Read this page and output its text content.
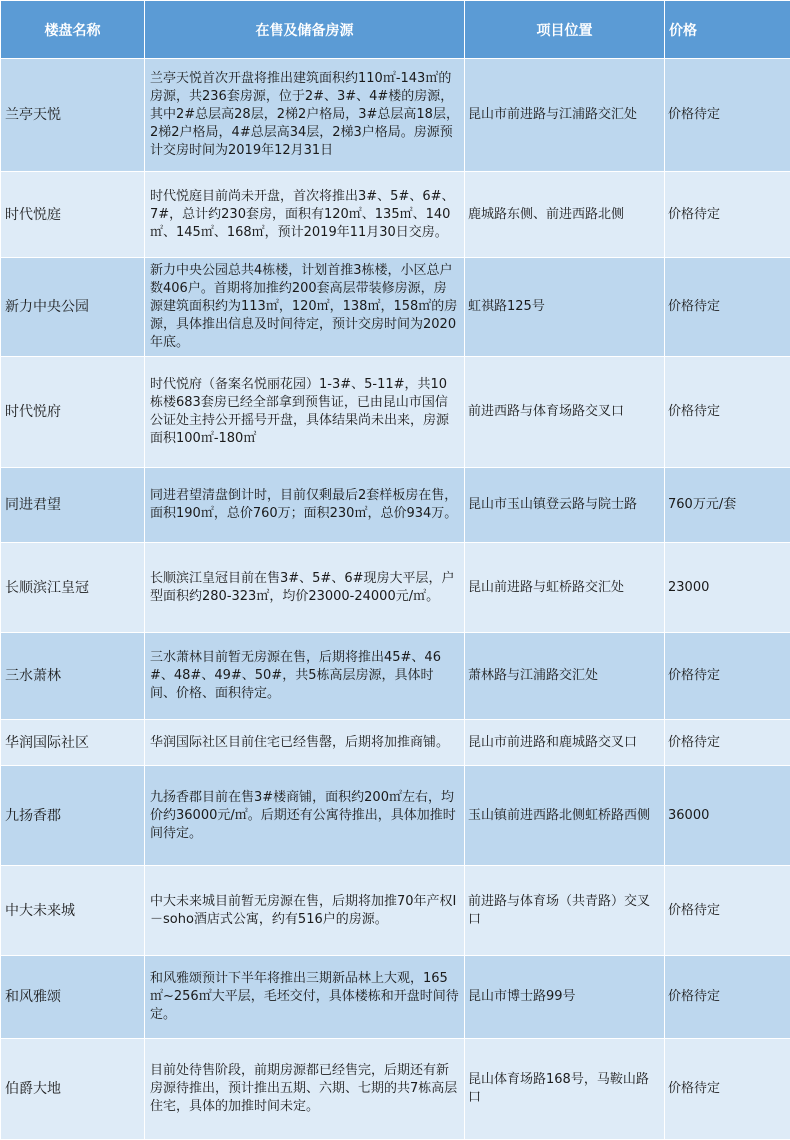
楼盘名称	在售及储备房源	项目位置	价格
兰亭天悦	兰亭天悦首次开盘将推出建筑面积约110㎡-143㎡的房源，共236套房源，位于2#、3#、4#楼的房源，其中2#总层高28层，2梯2户格局，3#总层高18层，2梯2户格局，4#总层高34层，2梯3户格局。房源预计交房时间为2019年12月31日	昆山市前进路与江浦路交汇处	价格待定
时代悦庭	时代悦庭目前尚未开盘，首次将推出3#、5#、6#、7#，总计约230套房，面积有120㎡、135㎡、140㎡、145㎡、168㎡，预计2019年11月30日交房。	鹿城路东侧、前进西路北侧	价格待定
新力中央公园	新力中央公园总共4栋楼，计划首推3栋楼，小区总户数406户。首期将加推约200套高层带装修房源，房源建筑面积约为113㎡，120㎡，138㎡，158㎡的房源，具体推出信息及时间待定，预计交房时间为2020年底。	虹祺路125号	价格待定
时代悦府	时代悦府（备案名悦丽花园）1-3#、5-11#，共10栋楼683套房已经全部拿到预售证，已由昆山市国信公证处主持公开摇号开盘，具体结果尚未出来，房源面积100㎡-180㎡	前进西路与体育场路交叉口	价格待定
同进君望	同进君望清盘倒计时，目前仅剩最后2套样板房在售，面积190㎡，总价760万；面积230㎡，总价934万。	昆山市玉山镇登云路与院士路	760万元/套
长顺滨江皇冠	长顺滨江皇冠目前在售3#、5#、6#现房大平层，户型面积约280-323㎡，均价23000-24000元/㎡。	昆山前进路与虹桥路交汇处	23000
三水萧林	三水萧林目前暂无房源在售，后期将推出45#、46#、48#、49#、50#，共5栋高层房源，具体时间、价格、面积待定。	萧林路与江浦路交汇处	价格待定
华润国际社区	华润国际社区目前住宅已经售罄，后期将加推商铺。	昆山市前进路和鹿城路交叉口	价格待定
九扬香郡	九扬香郡目前在售3#楼商铺，面积约200㎡左右，均价约36000元/㎡。后期还有公寓待推出，具体加推时间待定。	玉山镇前进西路北侧虹桥路西侧	36000
中大未来城	中大未来城目前暂无房源在售，后期将加推70年产权I－soho酒店式公寓，约有516户的房源。	前进路与体育场（共青路）交叉口	价格待定
和风雅颂	和风雅颂预计下半年将推出三期新品林上大观，165㎡~256㎡大平层，毛坯交付，具体楼栋和开盘时间待定。	昆山市博士路99号	价格待定
伯爵大地	目前处待售阶段，前期房源都已经售完，后期还有新房源待推出，预计推出五期、六期、七期的共7栋高层住宅，具体的加推时间未定。	昆山体育场路168号，马鞍山路口	价格待定
